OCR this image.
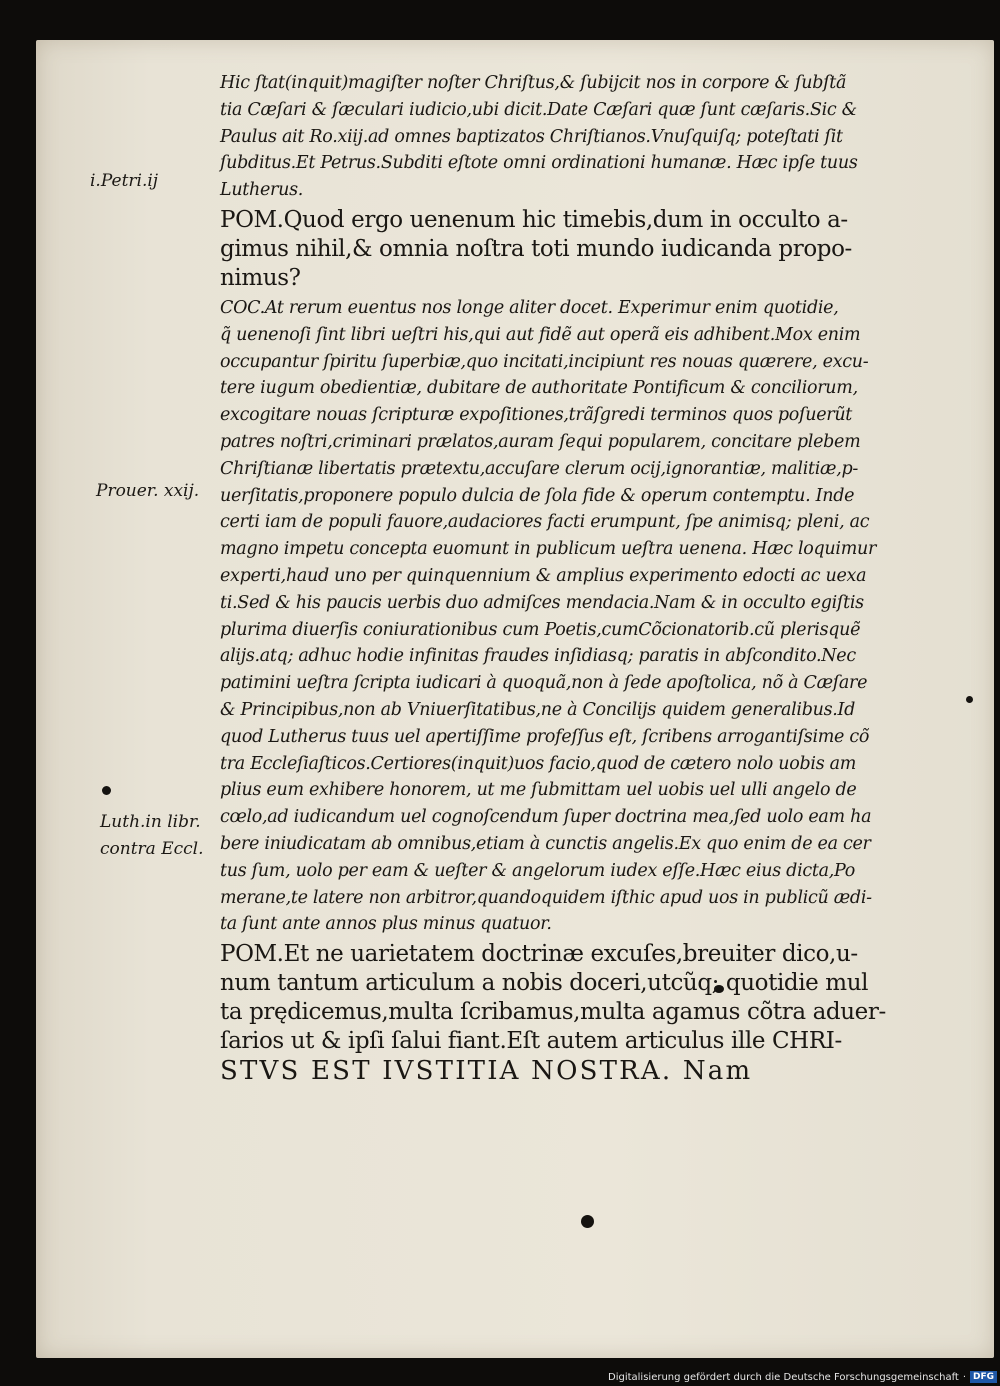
i.Petri.ij
Prouer. xxij.
Luth.in libr.
contra Eccl.
Hic ſtat(inquit)magiſter noſter Chriſtus,& ſubijcit nos in corpore & ſubſtã
tia Cæſari & ſæculari iudicio,ubi dicit.Date Cæſari quæ ſunt cæſaris.Sic &
Paulus ait Ro.xiij.ad omnes baptizatos Chriſtianos.Vnuſquiſq; poteſtati ſit
ſubditus.Et Petrus.Subditi eſtote omni ordinationi humanæ. Hæc ipſe tuus
Lutherus.
POM.Quod ergo uenenum hic timebis,dum in occulto a-
gimus nihil,& omnia noſtra toti mundo iudicanda propo-
nimus?
COC.At rerum euentus nos longe aliter docet. Experimur enim quotidie,
q̃ uenenoſi ſint libri ueſtri his,qui aut fidẽ aut operã eis adhibent.Mox enim
occupantur ſpiritu ſuperbiæ,quo incitati,incipiunt res nouas quærere, excu-
tere iugum obedientiæ, dubitare de authoritate Pontificum & conciliorum,
excogitare nouas ſcripturæ expoſitiones,trãſgredi terminos quos poſuerũt
patres noſtri,criminari prælatos,auram ſequi popularem, concitare plebem
Chriſtianæ libertatis prætextu,accuſare clerum ocij,ignorantiæ, malitiæ,p-
uerſitatis,proponere populo dulcia de ſola fide & operum contemptu. Inde
certi iam de populi fauore,audaciores facti erumpunt, ſpe animisq; pleni, ac
magno impetu concepta euomunt in publicum ueſtra uenena. Hæc loquimur
experti,haud uno per quinquennium & amplius experimento edocti ac uexa
ti.Sed & his paucis uerbis duo admiſces mendacia.Nam & in occulto egiſtis
plurima diuerſis coniurationibus cum Poetis,cumCõcionatorib.cũ plerisquẽ
alijs.atq; adhuc hodie infinitas fraudes inſidiasq; paratis in abſcondito.Nec
patimini ueſtra ſcripta iudicari à quoquã,non à ſede apoſtolica, nõ à Cæſare
& Principibus,non ab Vniuerſitatibus,ne à Concilijs quidem generalibus.Id
quod Lutherus tuus uel apertiſſime profeſſus eſt, ſcribens arrogantiſsime cõ
tra Eccleſiaſticos.Certiores(inquit)uos facio,quod de cætero nolo uobis am
plius eum exhibere honorem, ut me ſubmittam uel uobis uel ulli angelo de
cœlo,ad iudicandum uel cognoſcendum ſuper doctrina mea,ſed uolo eam ha
bere iniudicatam ab omnibus,etiam à cunctis angelis.Ex quo enim de ea cer
tus ſum, uolo per eam & ueſter & angelorum iudex eſſe.Hæc eius dicta,Po
merane,te latere non arbitror,quandoquidem iſthic apud uos in publicũ ædi-
ta ſunt ante annos plus minus quatuor.
POM.Et ne uarietatem doctrinæ excuſes,breuiter dico,u-
num tantum articulum a nobis doceri,utcũq; quotidie mul
ta prędicemus,multa ſcribamus,multa agamus cõtra aduer-
ſarios ut & ipſi ſalui fiant.Eſt autem articulus ille CHRI-
STVS EST IVSTITIA NOSTRA. Nam
Digitalisierung gefördert durch die Deutsche Forschungsgemeinschaft · DFG
